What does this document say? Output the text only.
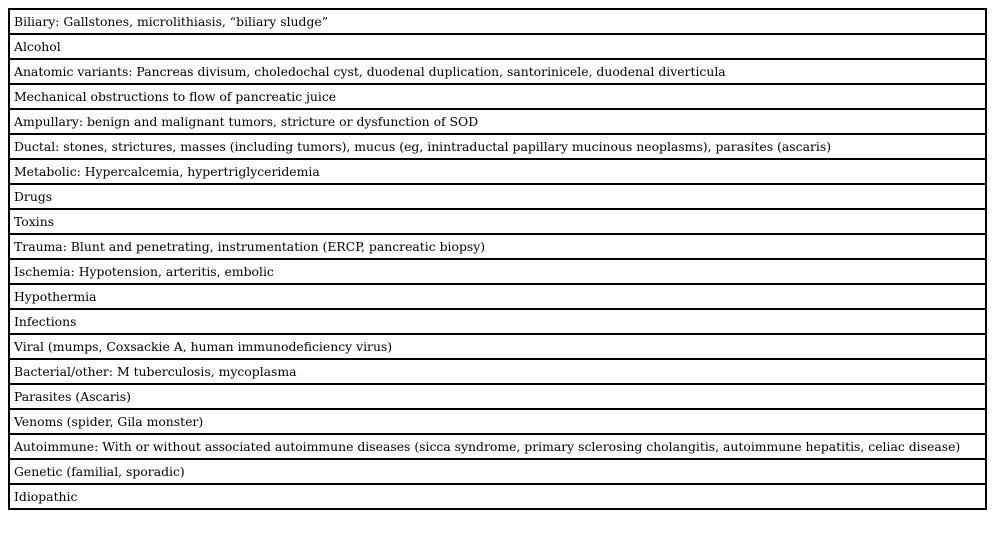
Biliary: Gallstones, microlithiasis, “biliary sludge”
Alcohol
Anatomic variants: Pancreas divisum, choledochal cyst, duodenal duplication, santorinicele, duodenal diverticula
Mechanical obstructions to flow of pancreatic juice
Ampullary: benign and malignant tumors, stricture or dysfunction of SOD
Ductal: stones, strictures, masses (including tumors), mucus (eg, inintraductal papillary mucinous neoplasms), parasites (ascaris)
Metabolic: Hypercalcemia, hypertriglyceridemia
Drugs
Toxins
Trauma: Blunt and penetrating, instrumentation (ERCP, pancreatic biopsy)
Ischemia: Hypotension, arteritis, embolic
Hypothermia
Infections
Viral (mumps, Coxsackie A, human immunodeficiency virus)
Bacterial/other: M tuberculosis, mycoplasma
Parasites (Ascaris)
Venoms (spider, Gila monster)
Autoimmune: With or without associated autoimmune diseases (sicca syndrome, primary sclerosing cholangitis, autoimmune hepatitis, celiac disease)
Genetic (familial, sporadic)
Idiopathic
